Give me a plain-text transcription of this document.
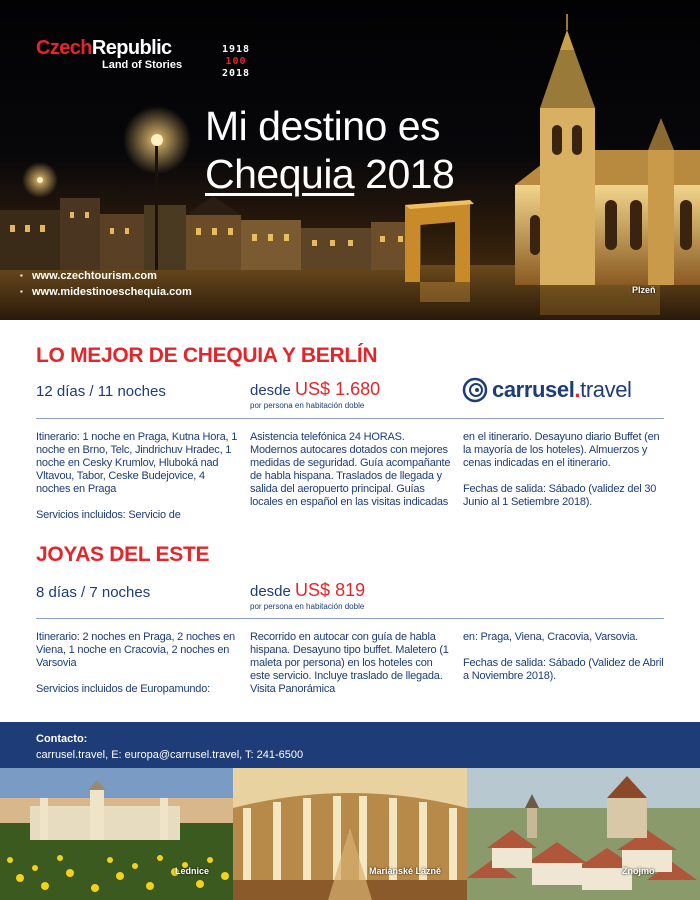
CzechRepublic
Land of Stories
1918
100
2018
Mi destino es
Chequia 2018
▪ www.czechtourism.com
▪ www.midestinoeschequia.com	Plzeň
LO MEJOR DE CHEQUIA Y BERLÍN
12 días / 11 noches	desde US$ 1.680
por persona en habitación doble
carrusel.travel

Itinerario: 1 noche en Praga, Kutna Hora, 1 noche en Brno, Telc, Jindrichuv Hradec, 1 noche en Cesky Krumlov, Hluboká nad Vltavou, Tabor, Ceske Budejovice, 4 noches en Praga

Servicios incluidos: Servicio de

Asistencia telefónica 24 HORAS. Modernos autocares dotados con mejores medidas de seguridad. Guía acompañante de habla hispana. Traslados de llegada y salida del aeropuerto principal. Guías locales en español en las visitas indicadas

en el itinerario. Desayuno diario Buffet (en la mayoría de los hoteles). Almuerzos y cenas indicadas en el itinerario.

Fechas de salida: Sábado (validez del 30 Junio al 1 Setiembre 2018).

JOYAS DEL ESTE
8 días / 7 noches	desde US$ 819
por persona en habitación doble

Itinerario: 2 noches en Praga, 2 noches en Viena, 1 noche en Cracovia, 2 noches en Varsovia

Servicios incluidos de Europamundo:

Recorrido en autocar con guía de habla hispana. Desayuno tipo buffet. Maletero (1 maleta por persona) en los hoteles con este servicio. Incluye traslado de llegada. Visita Panorámica

en: Praga, Viena, Cracovia, Varsovia.

Fechas de salida: Sábado (Validez de Abril a Noviembre 2018).

Contacto:
carrusel.travel, E: europa@carrusel.travel, T: 241-6500
Lednice	Mariánské Lázně	Znojmo
